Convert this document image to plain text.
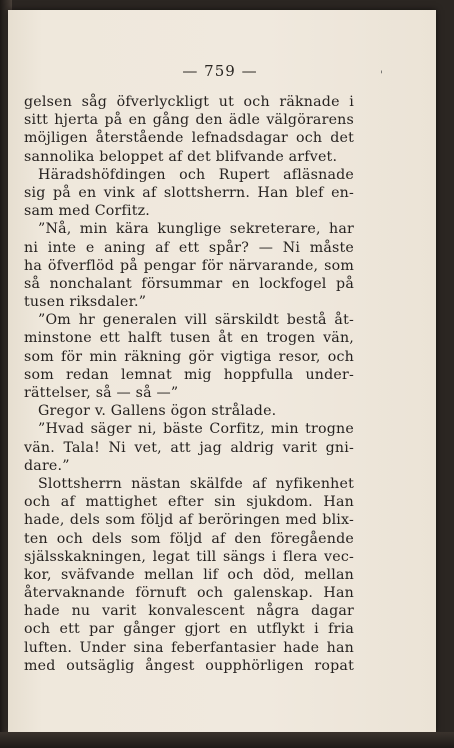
— 759 —	'
gelsen såg öfverlyckligt ut och räknade i
sitt hjerta på en gång den ädle välgörarens
möjligen återstående lefnadsdagar och det
sannolika beloppet af det blifvande arfvet.
Häradshöfdingen och Rupert afläsnade
sig på en vink af slottsherrn. Han blef en-
sam med Corfitz.
”Nå, min kära kunglige sekreterare, har
ni inte e aning af ett spår? — Ni måste
ha öfverflöd på pengar för närvarande, som
så nonchalant försummar en lockfogel på
tusen riksdaler.”
”Om hr generalen vill särskildt bestå åt-
minstone ett halft tusen åt en trogen vän,
som för min räkning gör vigtiga resor, och
som redan lemnat mig hoppfulla under-
rättelser, så — så —”
Gregor v. Gallens ögon strålade.
”Hvad säger ni, bäste Corfitz, min trogne
vän. Tala! Ni vet, att jag aldrig varit gni-
dare.”
Slottsherrn nästan skälfde af nyfikenhet
och af mattighet efter sin sjukdom. Han
hade, dels som följd af beröringen med blix-
ten och dels som följd af den föregående
själsskakningen, legat till sängs i flera vec-
kor, sväfvande mellan lif och död, mellan
återvaknande förnuft och galenskap. Han
hade nu varit konvalescent några dagar
och ett par gånger gjort en utflykt i fria
luften. Under sina feberfantasier hade han
med outsäglig ångest oupphörligen ropat
